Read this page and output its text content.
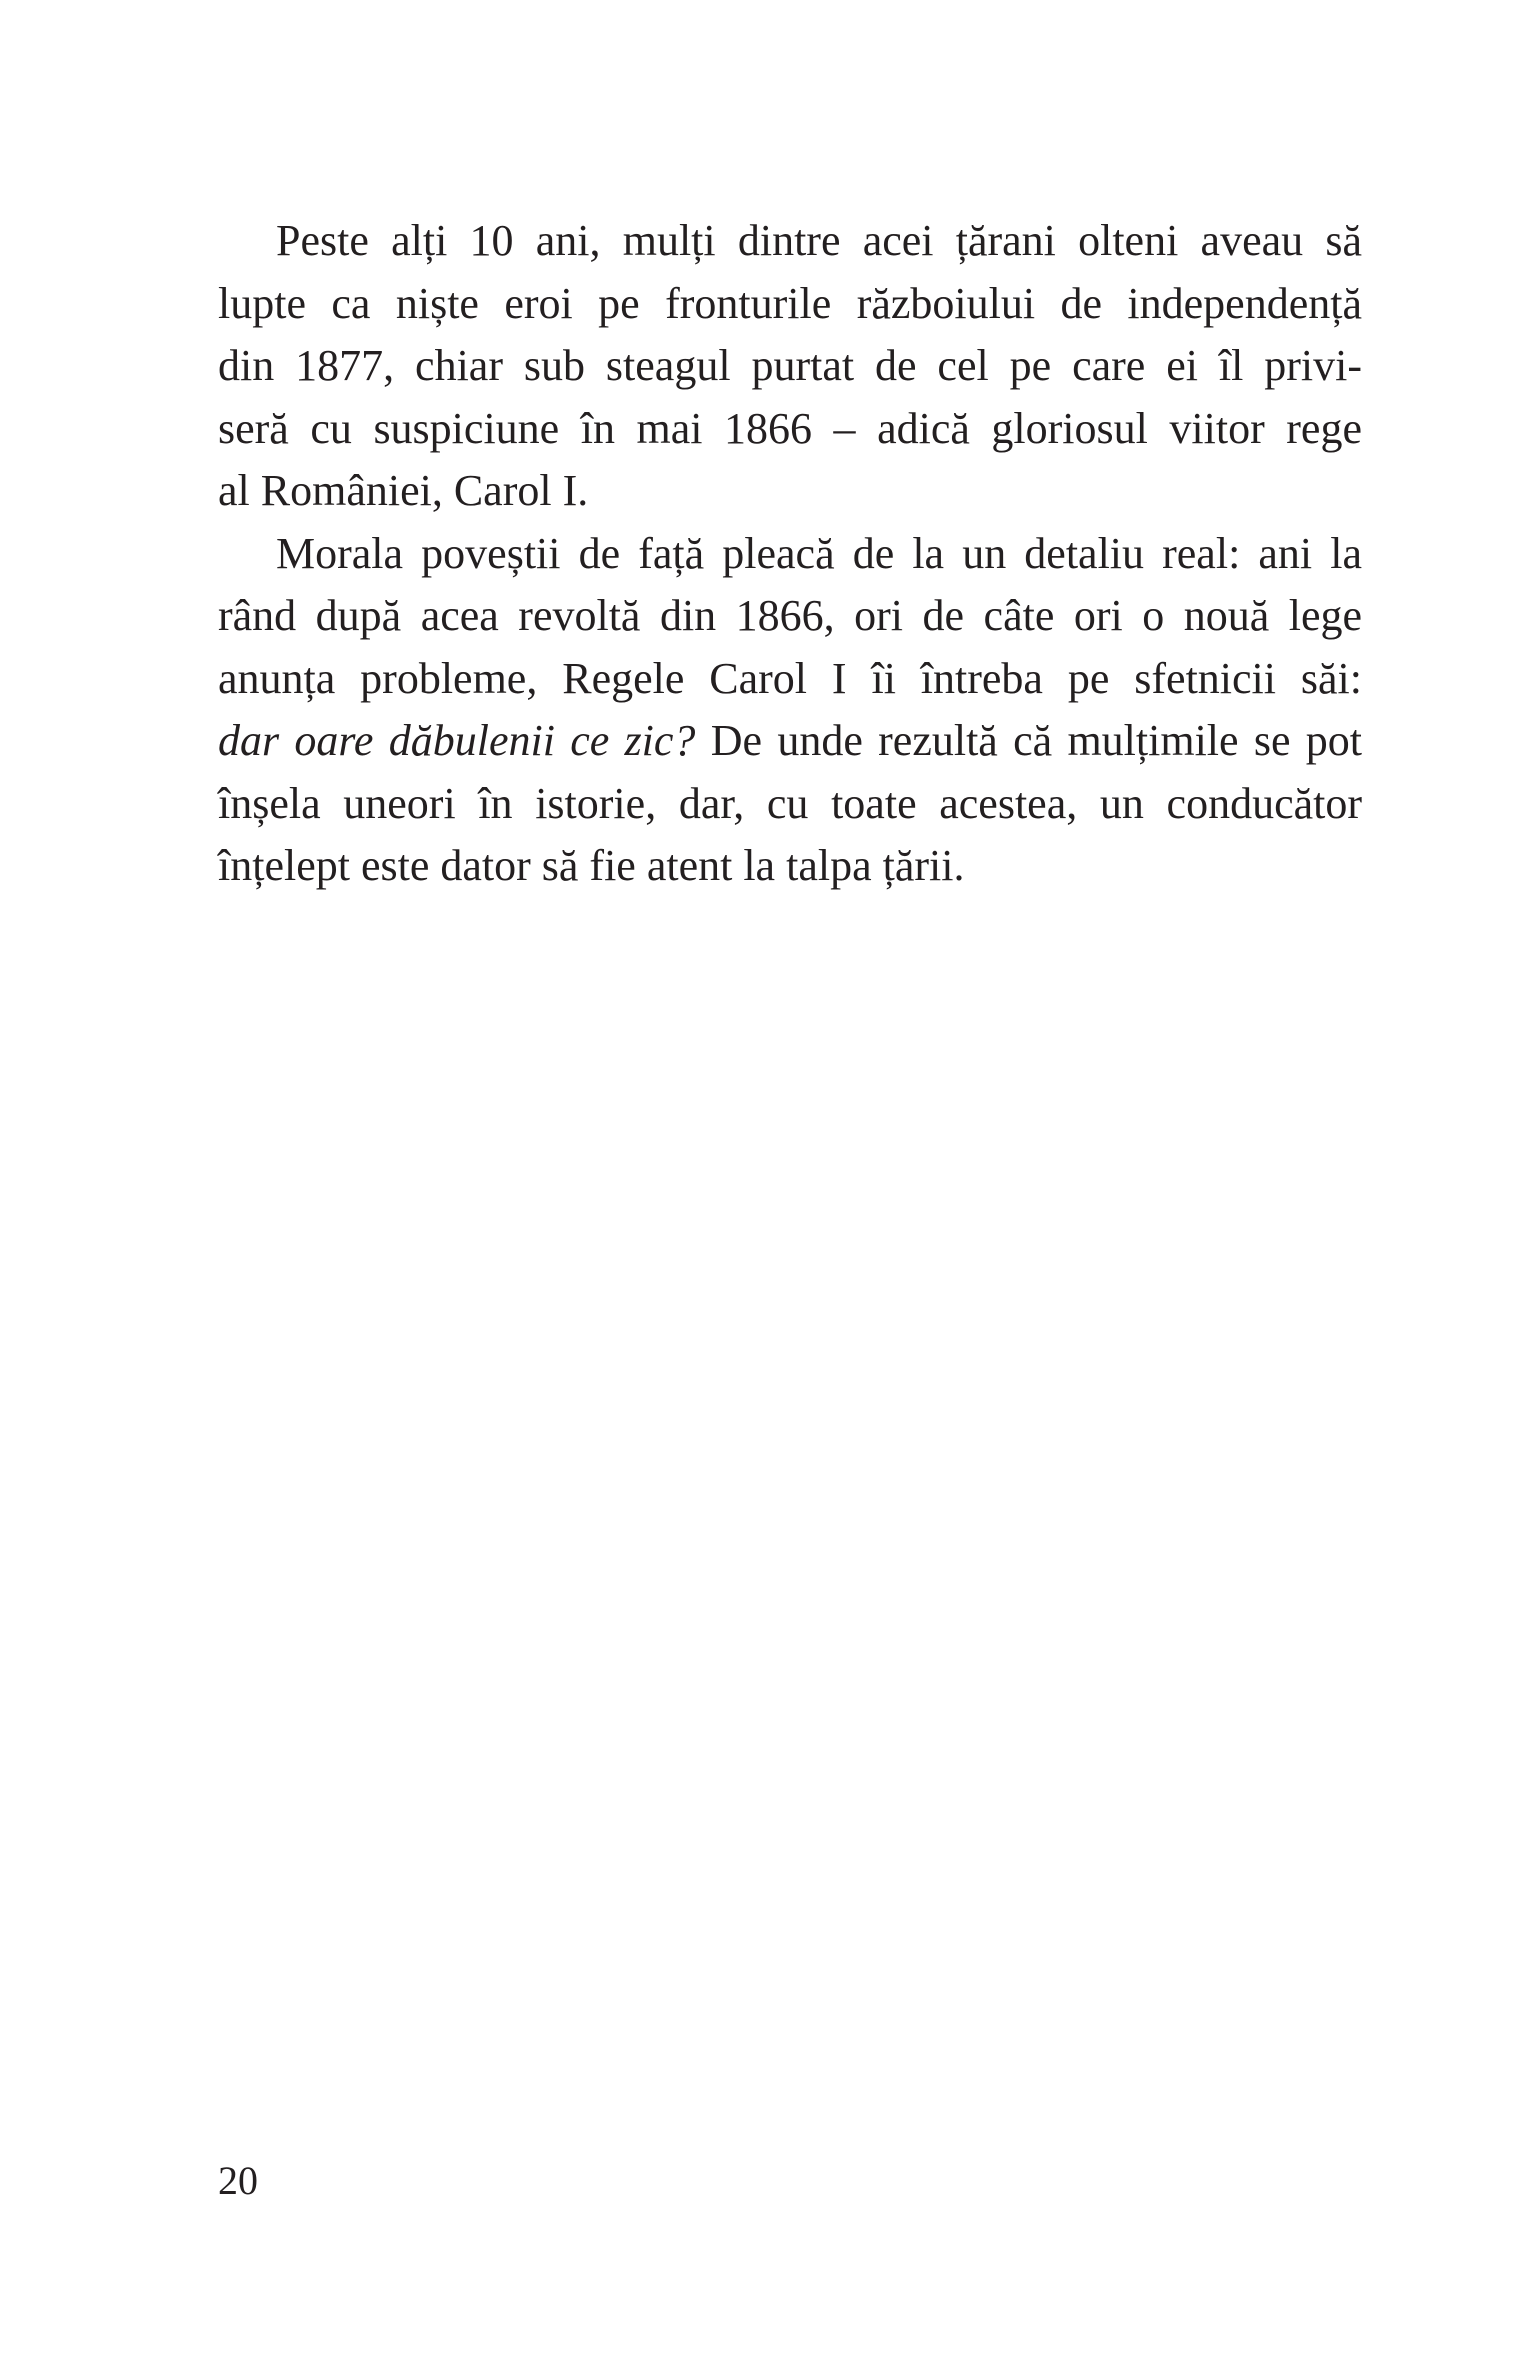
Peste alți 10 ani, mulți dintre acei țărani olteni aveau să
lupte ca niște eroi pe fronturile războiului de independență
din 1877, chiar sub steagul purtat de cel pe care ei îl privi-
seră cu suspiciune în mai 1866 – adică gloriosul viitor rege
al României, Carol I.
Morala poveștii de față pleacă de la un detaliu real: ani la
rând după acea revoltă din 1866, ori de câte ori o nouă lege
anunța probleme, Regele Carol I îi întreba pe sfetnicii săi:
dar oare dăbulenii ce zic? De unde rezultă că mulțimile se pot
înșela uneori în istorie, dar, cu toate acestea, un conducător
înțelept este dator să fie atent la talpa țării.
20
